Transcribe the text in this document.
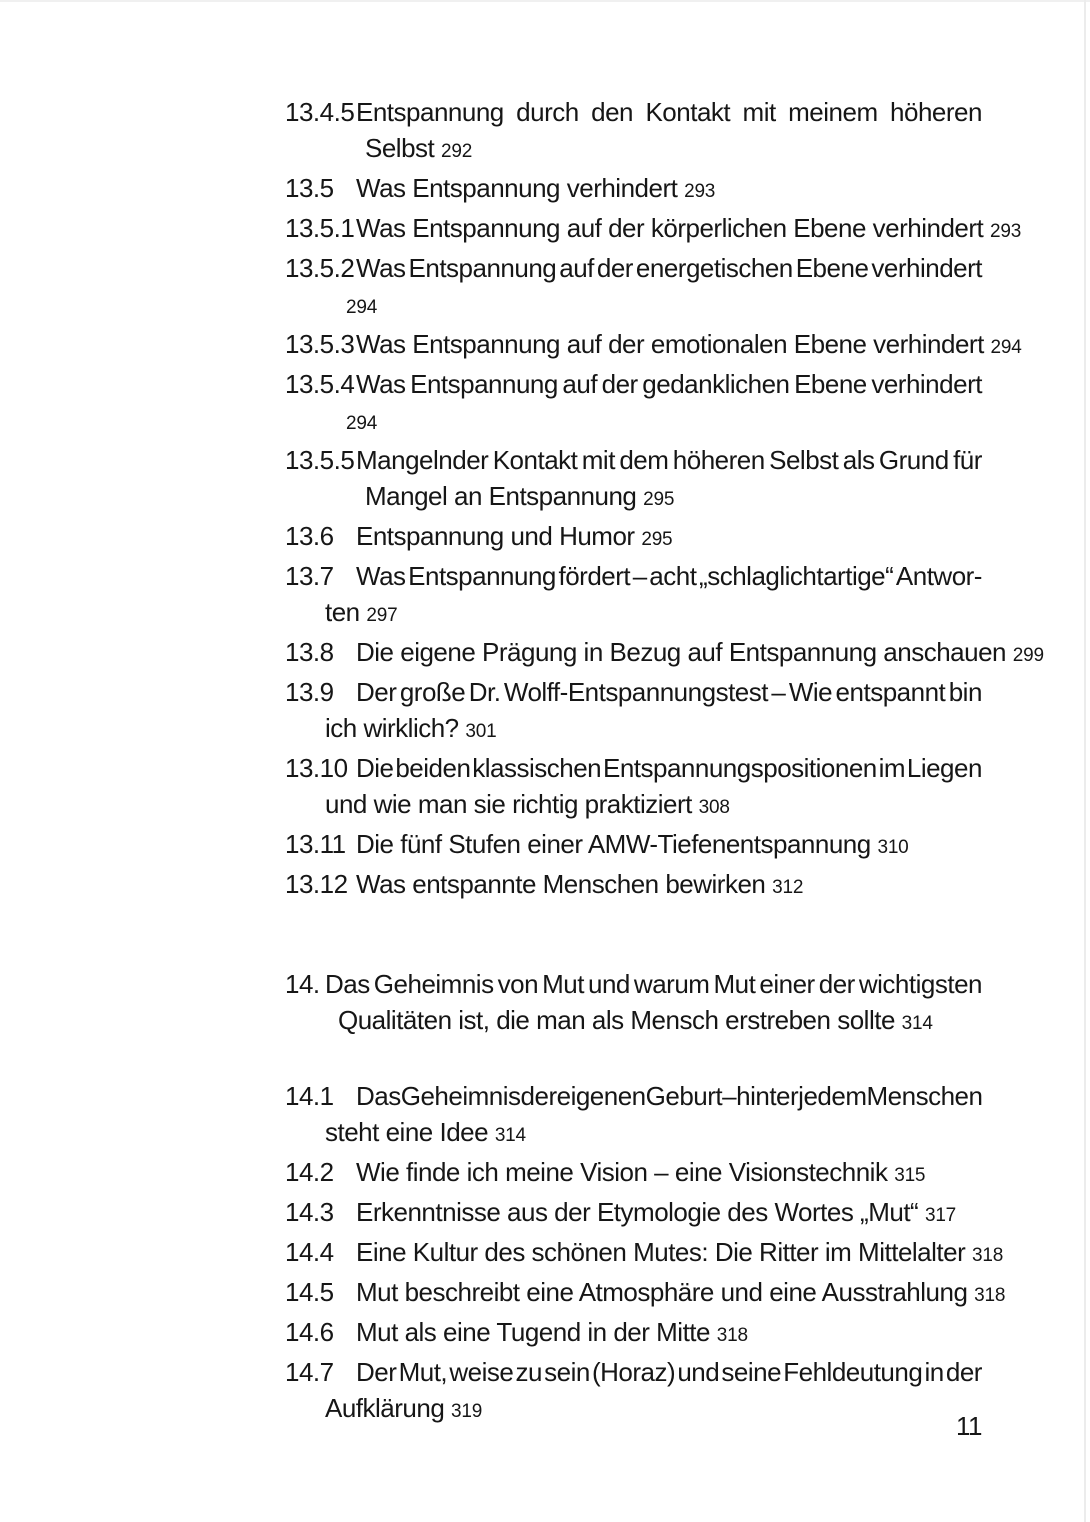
13.4.5 Entspannung durch den Kontakt mit meinem höheren
Selbst 292
13.5 Was Entspannung verhindert 293
13.5.1 Was Entspannung auf der körperlichen Ebene verhindert 293
13.5.2 Was Entspannung auf der energetischen Ebene verhindert
294
13.5.3 Was Entspannung auf der emotionalen Ebene verhindert 294
13.5.4 Was Entspannung auf der gedanklichen Ebene verhindert
294
13.5.5 Mangelnder Kontakt mit dem höheren Selbst als Grund für
Mangel an Entspannung 295
13.6 Entspannung und Humor 295
13.7 Was Entspannung fördert – acht „schlaglichtartige“ Antwor-
ten 297
13.8 Die eigene Prägung in Bezug auf Entspannung anschauen 299
13.9 Der große Dr. Wolff-Entspannungstest – Wie entspannt bin
ich wirklich? 301
13.10 Die beiden klassischen Entspannungspositionen im Liegen
und wie man sie richtig praktiziert 308
13.11 Die fünf Stufen einer AMW-Tiefenentspannung 310
13.12 Was entspannte Menschen bewirken 312
14. Das Geheimnis von Mut und warum Mut einer der wichtigsten
Qualitäten ist, die man als Mensch erstreben sollte 314
14.1 Das Geheimnis der eigenen Geburt – hinter jedem Menschen
steht eine Idee 314
14.2 Wie finde ich meine Vision – eine Visionstechnik 315
14.3 Erkenntnisse aus der Etymologie des Wortes „Mut“ 317
14.4 Eine Kultur des schönen Mutes: Die Ritter im Mittelalter 318
14.5 Mut beschreibt eine Atmosphäre und eine Ausstrahlung 318
14.6 Mut als eine Tugend in der Mitte 318
14.7 Der Mut, weise zu sein (Horaz) und seine Fehldeutung in der
Aufklärung 319	11
